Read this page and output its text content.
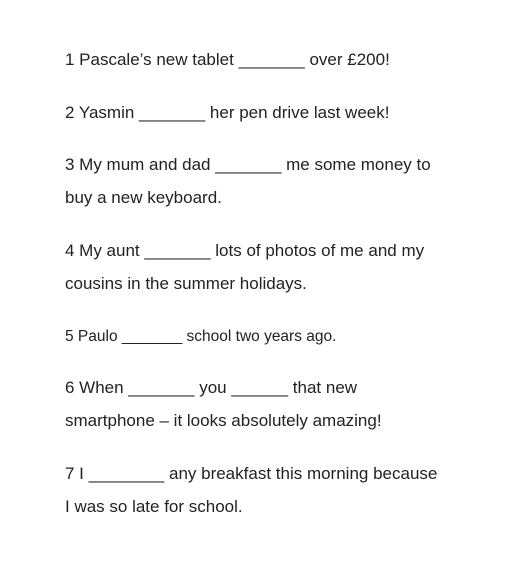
1 Pascale’s new tablet _______ over £200!
2 Yasmin _______ her pen drive last week!
3 My mum and dad _______ me some money to
buy a new keyboard.
4 My aunt _______ lots of photos of me and my
cousins in the summer holidays.
5 Paulo _______ school two years ago.
6 When _______ you ______ that new
smartphone – it looks absolutely amazing!
7 I ________ any breakfast this morning because
I was so late for school.
